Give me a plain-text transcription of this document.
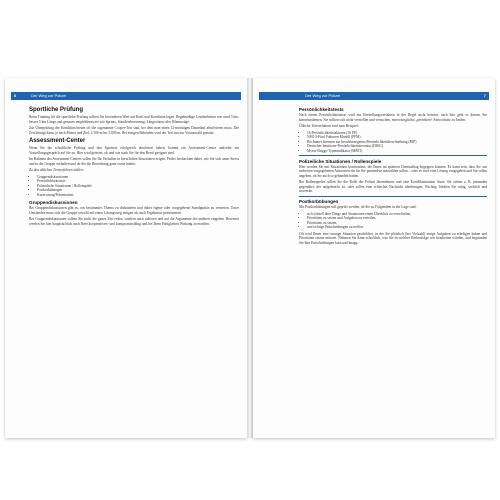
6	Der Weg zur Polizei
Sportliche Prüfung

Beim Training für die sportliche Prüfung sollten Sie besonderen Wert auf Kraft und Kondition legen. Regelmäßige Laufeinheiten von rund 3 km, besser 5 km Länge und genaues empfehlenswert wie Sprints, Standverbesserung, Längssitzen oder Klimmzüge.

Zur Überprüfung der Kondition bieten oft die sogenannte Cooper-Test statt, bei dem man einen 12-minütigen Dauerlauf absolvieren muss. Die Zeit beträgt dann, je nach Monat und Ziel, 2.500 m bis 3.000 m. Bei einigen Behörden wird der Test nur zur Vorauswahl genutzt.

Assessment-Center

Wenn Sie die schriftliche Prüfung und den Sporttest erfolgreich absolviert haben, kommt ein Assessment-Center und/oder ein Vorstellungsgespräch auf Sie zu. Hier wird getestet, ob und wie stark Sie für den Beruf geeignet sind.

Im Rahmen des Assessment-Centers sollen Sie Ihr Verhalten in beruflichen Situationen zeigen. Prüfer beobachten dabei, wie Sie sich unter Stress und in der Gruppe verhalten und ob Sie die Bewerbung ganz vorne haben.

Zu den üblichen Testverfahren zählen:

• Gruppendiskussionen
• Persönlichkeitstests
• Polizeiliche Situationen / Rollenspiele
• Postkorbübungen
• Kurzvortrag/Präsentation
Gruppendiskussionen

Bei Gruppendiskussionen gibt es, ein bestimmtes Thema zu diskutieren und dabei eigene oder vorgegebene Standpunkte zu vertreten. Unter Umständen muss sich die Gruppe sowohl auf einen Lösungsweg einigen als auch Ergebnisse präsentieren.

Bei Gruppendiskussionen sollten Sie nicht die ganze Zeit reden, sondern auch zuhören und auf die Argumente der anderen eingehen. Bewertet werden Sie hier hauptsächlich nach Ihrer kooperativen- und kompromissfähig und bei Ihren Fähigkeiten Wirkung zu erzielen.

Der Weg zur Polizei	7
Persönlichkeitstests

Nach einem Persönlichkeitstest wird ein Einstellungsverfahren in der Regel nicht benotet, nach hier geht es darum, Sie kennenzulernen. Sie sollten sich nicht verstellen und versuchen, einen möglichst „perfekten“ Antwortsatz zu finden.

Übliche Testverfahren sind zum Beispiel:

• 16 Persönlichkeitsfaktoren (16 PF)
• NEO 5-Fünf Faktoren Modell (FFM)
• Bochumer Inventar zur berufsbezogenen Persönlichkeitsbeschreibung (BIP)
• Deutscher Intuitions-Persönlichkeitsinventar (DISG)
• Myers-Briggs-Typenindikator (MBTI)
Polizeiliche Situationen / Rollenspiele

Hier werden Sie mit Situationen konfrontiert, die Ihnen im späteren Dienstalltag begegnen können. Es kann sein, dass Sie aus mehreren vorgegebenen Antworten die für Sie passendste auswählen sollen – oder es wird eine Lösung vorgegeben und Sie sollen angeben, ob Sie auch so gehandelt hätten.

Bei Rollenspielen sollen Sie die Rolle der Polizei übernehmen und eine Konfliktsituation lösen. Sie stehen z. B. jemanden gegenüber, der aufgebracht ist, oder sollen eine schlechte Nachricht überbringen. Wichtig: bleiben Sie ruhig, sachlich und souverän.

Postkorbübungen

Mit Postkorbübungen soll geprüft werden, ob Sie zu Folgendem in der Lage sind:

• sich schnell über Dinge und Situationen einen Überblick zu verschaffen,
• Prioritäten zu setzen und Aufgaben zu verteilen,
• Prioritäten zu setzen,
• und richtige Entscheidungen zu treffen.

Oft wird Ihnen eine sonnige Situation geschildert, in der Sie plötzlich (bei Vielzahl) einige Aufgaben zu erledigen haben und Prioritäten setzen müssen. Nehmen Sie dann schriftlich, was Sie in welcher Reihenfolge wie bearbeiten würden, und begründen Sie Ihre Entscheidungen kurz und knapp.
